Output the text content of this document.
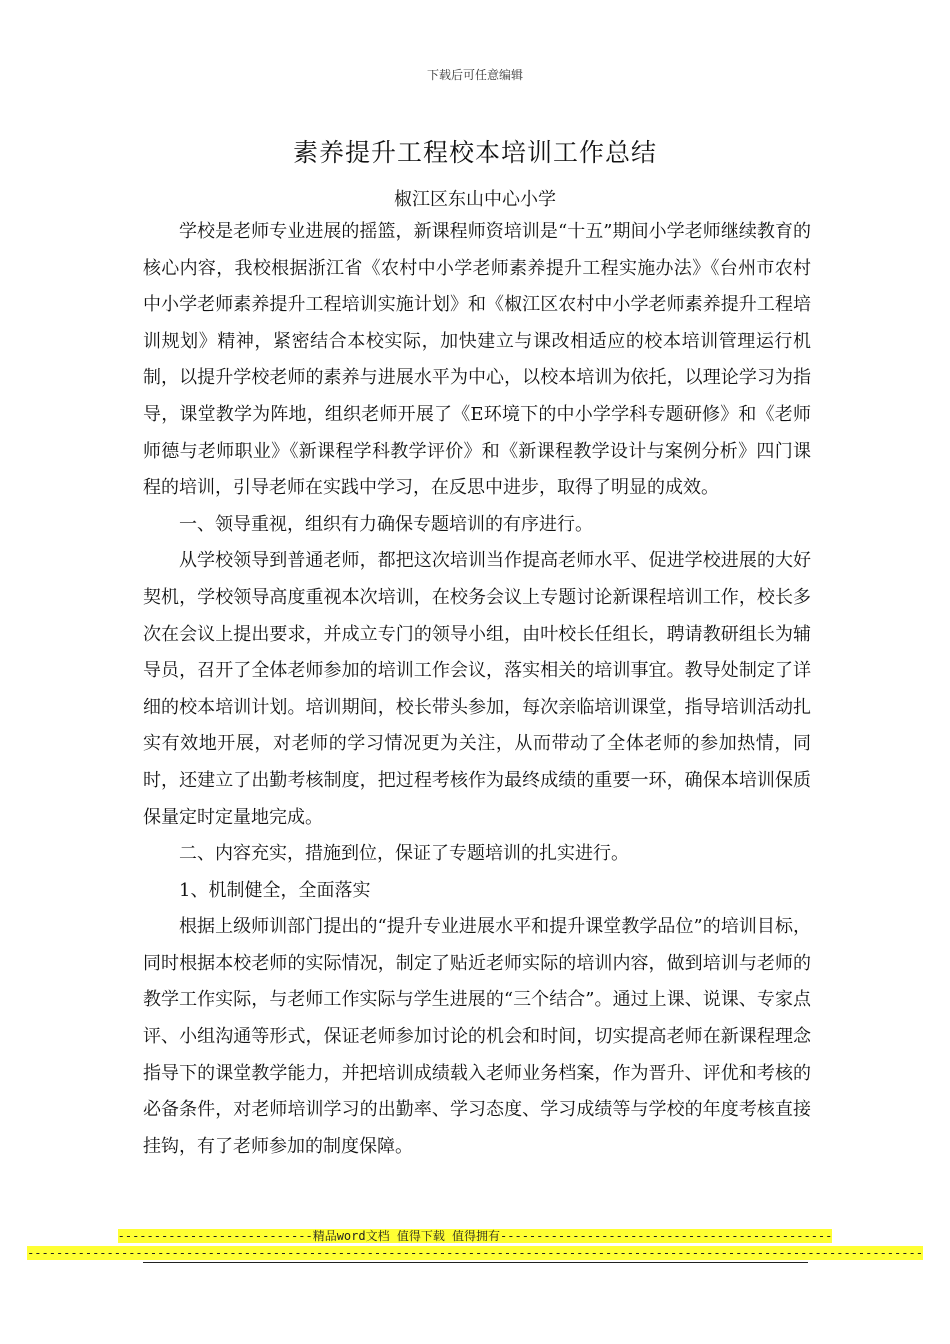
下载后可任意编辑
素养提升工程校本培训工作总结
椒江区东山中心小学

学校是老师专业进展的摇篮，新课程师资培训是“十五”期间小学老师继续教育的核心内容，我校根据浙江省《农村中小学老师素养提升工程实施办法》《台州市农村中小学老师素养提升工程培训实施计划》和《椒江区农村中小学老师素养提升工程培训规划》精神，紧密结合本校实际，加快建立与课改相适应的校本培训管理运行机制，以提升学校老师的素养与进展水平为中心，以校本培训为依托，以理论学习为指导，课堂教学为阵地，组织老师开展了《E环境下的中小学学科专题研修》和《老师师德与老师职业》《新课程学科教学评价》和《新课程教学设计与案例分析》四门课程的培训，引导老师在实践中学习，在反思中进步，取得了明显的成效。

一、领导重视，组织有力确保专题培训的有序进行。

从学校领导到普通老师，都把这次培训当作提高老师水平、促进学校进展的大好契机，学校领导高度重视本次培训，在校务会议上专题讨论新课程培训工作，校长多次在会议上提出要求，并成立专门的领导小组，由叶校长任组长，聘请教研组长为辅导员，召开了全体老师参加的培训工作会议，落实相关的培训事宜。教导处制定了详细的校本培训计划。培训期间，校长带头参加，每次亲临培训课堂，指导培训活动扎实有效地开展，对老师的学习情况更为关注，从而带动了全体老师的参加热情，同时，还建立了出勤考核制度，把过程考核作为最终成绩的重要一环，确保本培训保质保量定时定量地完成。

二、内容充实，措施到位，保证了专题培训的扎实进行。

1、机制健全，全面落实

根据上级师训部门提出的“提升专业进展水平和提升课堂教学品位”的培训目标，同时根据本校老师的实际情况，制定了贴近老师实际的培训内容，做到培训与老师的教学工作实际，与老师工作实际与学生进展的“三个结合”。通过上课、说课、专家点评、小组沟通等形式，保证老师参加讨论的机会和时间，切实提高老师在新课程理念指导下的课堂教学能力，并把培训成绩载入老师业务档案，作为晋升、评优和考核的必备条件，对老师培训学习的出勤率、学习态度、学习成绩等与学校的年度考核直接挂钩，有了老师参加的制度保障。

---------------------------精品word文档 值得下载 值得拥有----------------------------------------------
----------------------------------------------------------------------------------------------------------------------------
